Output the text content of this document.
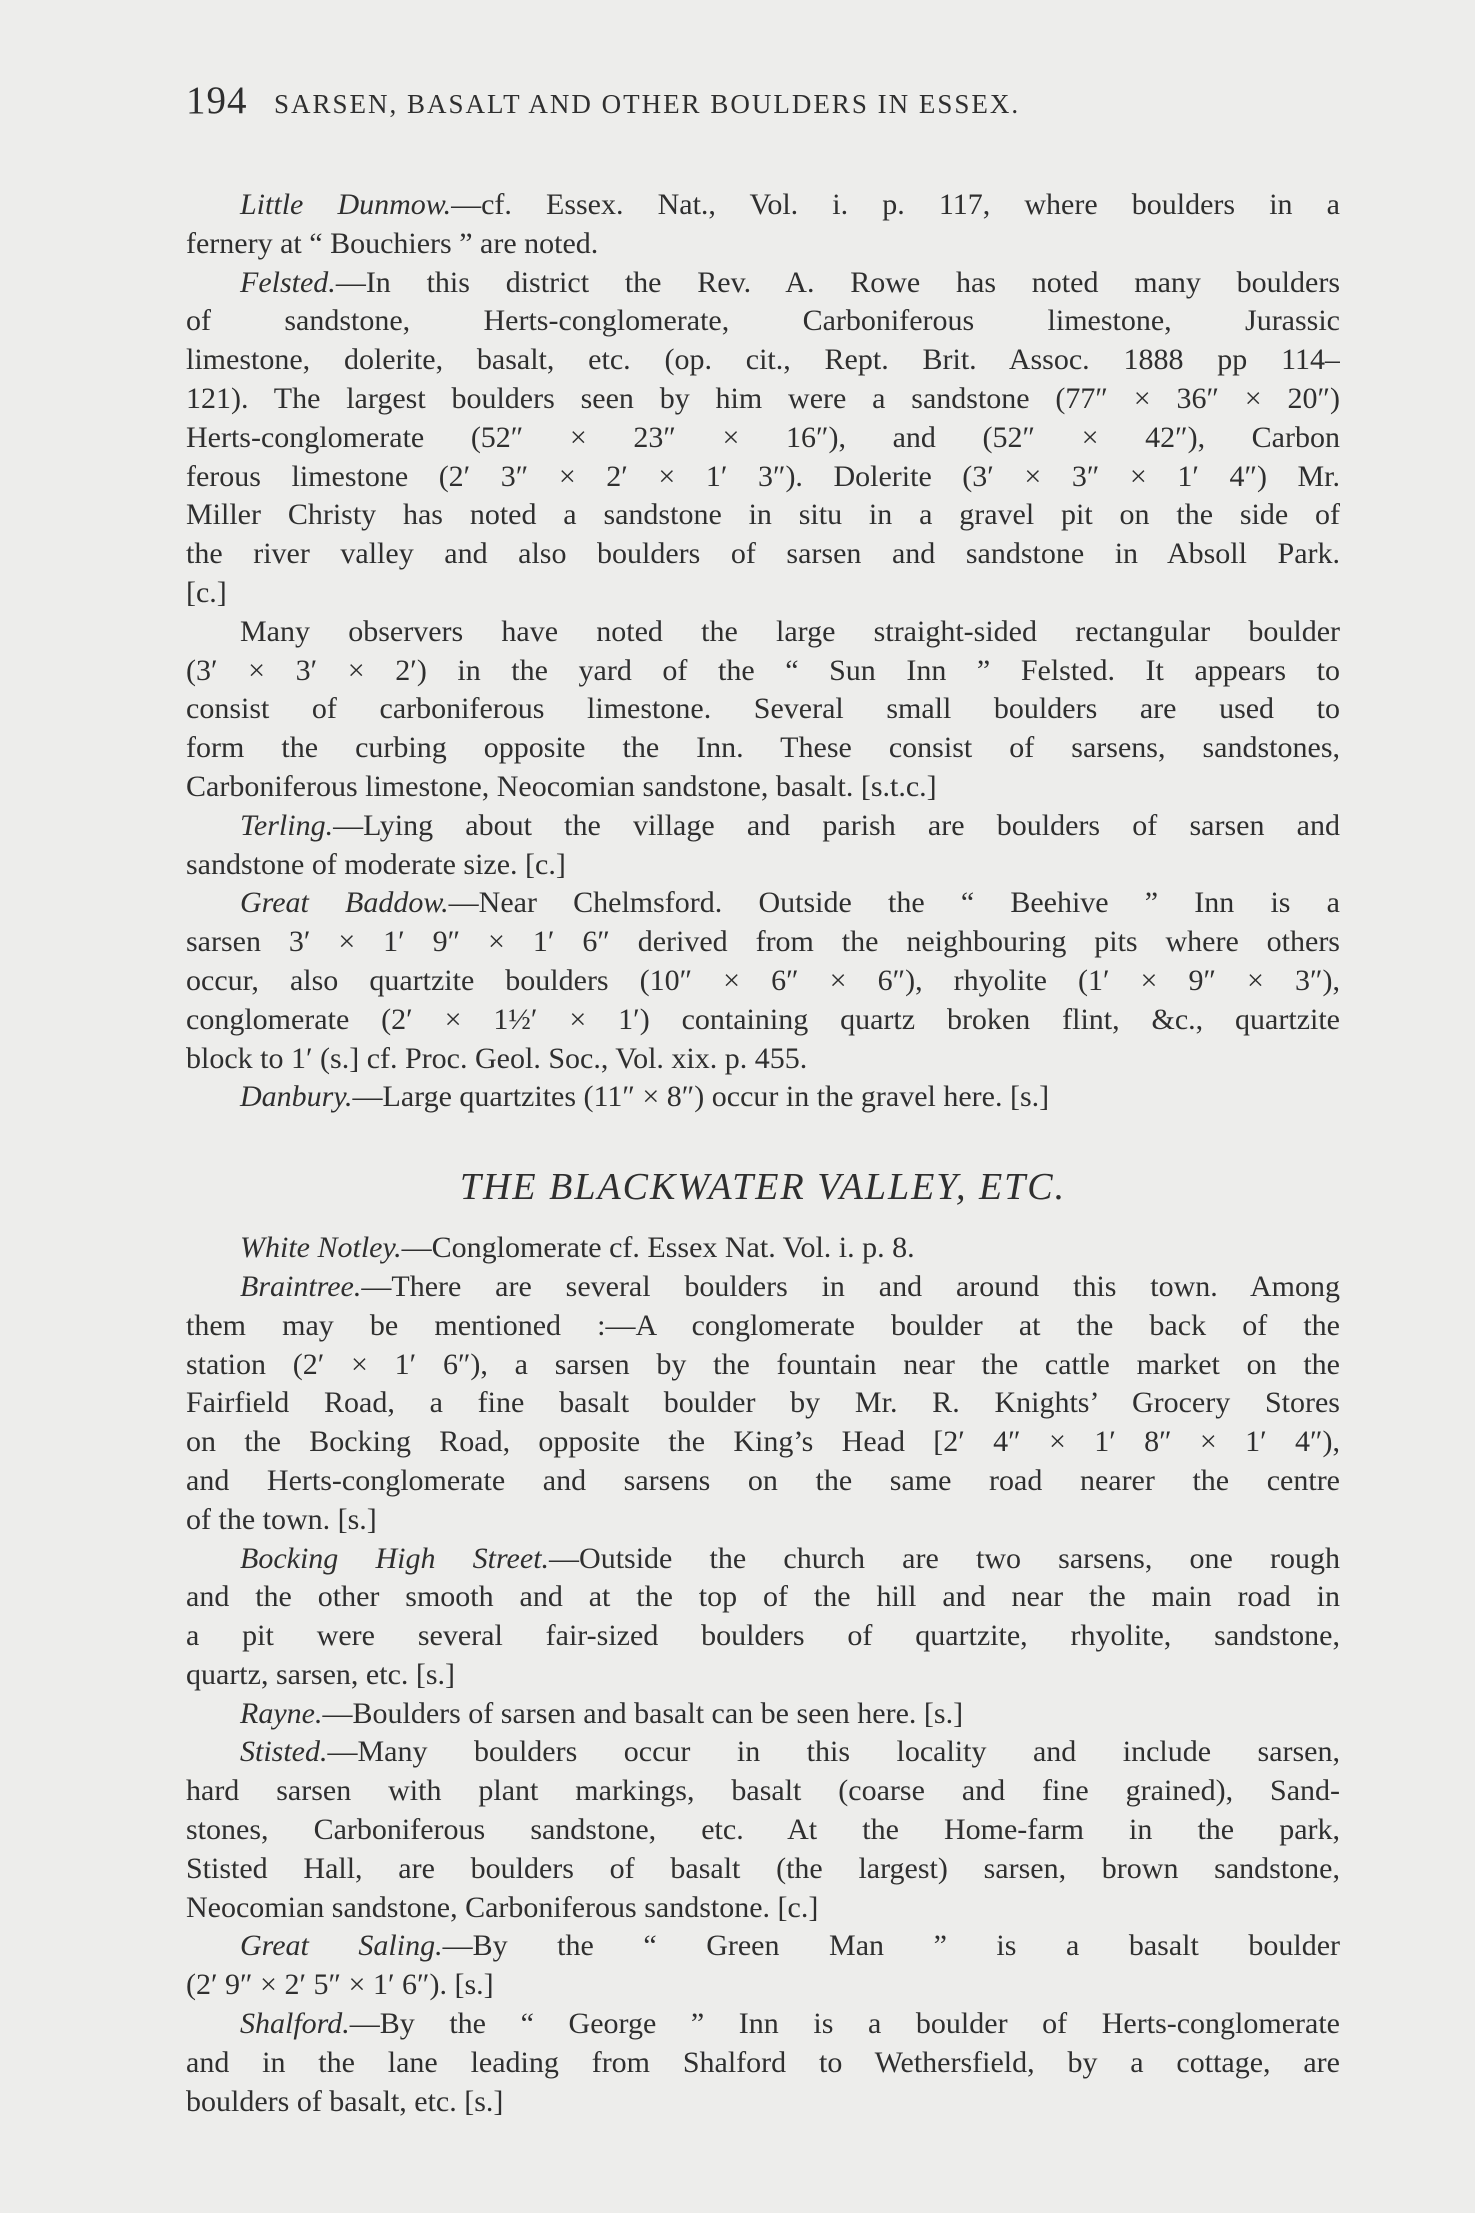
194 SARSEN, BASALT AND OTHER BOULDERS IN ESSEX.
Little Dunmow.—cf. Essex. Nat., Vol. i. p. 117, where boulders in a
fernery at “ Bouchiers ” are noted.
Felsted.—In this district the Rev. A. Rowe has noted many boulders
of sandstone, Herts-conglomerate, Carboniferous limestone, Jurassic
limestone, dolerite, basalt, etc. (op. cit., Rept. Brit. Assoc. 1888 pp 114–
121). The largest boulders seen by him were a sandstone (77″ × 36″ × 20″)
Herts-conglomerate (52″ × 23″ × 16″), and (52″ × 42″), Carbon
ferous limestone (2′ 3″ × 2′ × 1′ 3″). Dolerite (3′ × 3″ × 1′ 4″) Mr.
Miller Christy has noted a sandstone in situ in a gravel pit on the side of
the river valley and also boulders of sarsen and sandstone in Absoll Park.
[c.]
Many observers have noted the large straight-sided rectangular boulder
(3′ × 3′ × 2′) in the yard of the “ Sun Inn ” Felsted. It appears to
consist of carboniferous limestone. Several small boulders are used to
form the curbing opposite the Inn. These consist of sarsens, sandstones,
Carboniferous limestone, Neocomian sandstone, basalt. [s.t.c.]
Terling.—Lying about the village and parish are boulders of sarsen and
sandstone of moderate size. [c.]
Great Baddow.—Near Chelmsford. Outside the “ Beehive ” Inn is a
sarsen 3′ × 1′ 9″ × 1′ 6″ derived from the neighbouring pits where others
occur, also quartzite boulders (10″ × 6″ × 6″), rhyolite (1′ × 9″ × 3″),
conglomerate (2′ × 1½′ × 1′) containing quartz broken flint, &c., quartzite
block to 1′ (s.] cf. Proc. Geol. Soc., Vol. xix. p. 455.
Danbury.—Large quartzites (11″ × 8″) occur in the gravel here. [s.]
THE BLACKWATER VALLEY, ETC.
White Notley.—Conglomerate cf. Essex Nat. Vol. i. p. 8.
Braintree.—There are several boulders in and around this town. Among
them may be mentioned :—A conglomerate boulder at the back of the
station (2′ × 1′ 6″), a sarsen by the fountain near the cattle market on the
Fairfield Road, a fine basalt boulder by Mr. R. Knights’ Grocery Stores
on the Bocking Road, opposite the King’s Head [2′ 4″ × 1′ 8″ × 1′ 4″),
and Herts-conglomerate and sarsens on the same road nearer the centre
of the town. [s.]
Bocking High Street.—Outside the church are two sarsens, one rough
and the other smooth and at the top of the hill and near the main road in
a pit were several fair-sized boulders of quartzite, rhyolite, sandstone,
quartz, sarsen, etc. [s.]
Rayne.—Boulders of sarsen and basalt can be seen here. [s.]
Stisted.—Many boulders occur in this locality and include sarsen,
hard sarsen with plant markings, basalt (coarse and fine grained), Sand-
stones, Carboniferous sandstone, etc. At the Home-farm in the park,
Stisted Hall, are boulders of basalt (the largest) sarsen, brown sandstone,
Neocomian sandstone, Carboniferous sandstone. [c.]
Great Saling.—By the “ Green Man ” is a basalt boulder
(2′ 9″ × 2′ 5″ × 1′ 6″). [s.]
Shalford.—By the “ George ” Inn is a boulder of Herts-conglomerate
and in the lane leading from Shalford to Wethersfield, by a cottage, are
boulders of basalt, etc. [s.]
